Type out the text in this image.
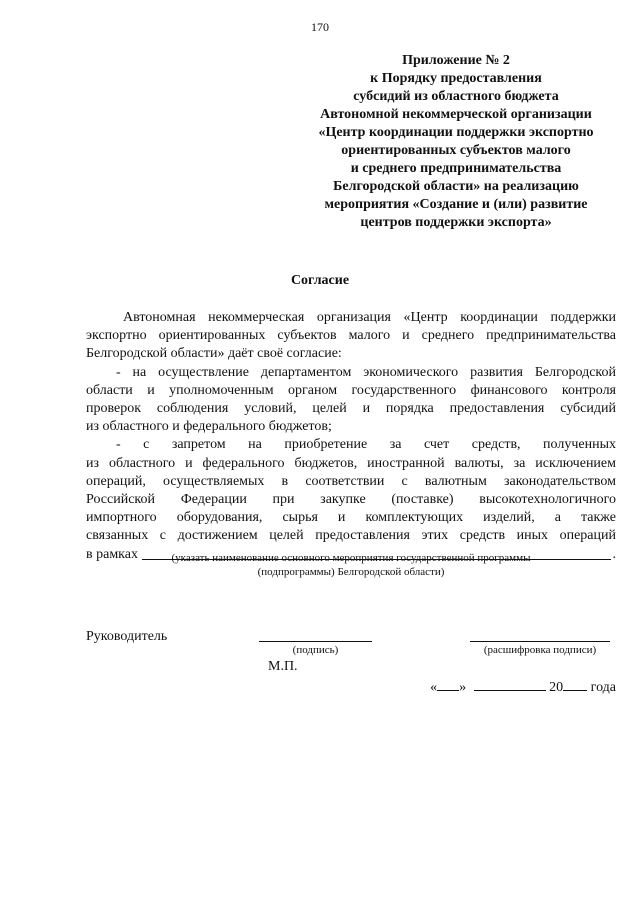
170
Приложение № 2
к Порядку предоставления
субсидий из областного бюджета
Автономной некоммерческой организации
«Центр координации поддержки экспортно
ориентированных субъектов малого
и среднего предпринимательства
Белгородской области» на реализацию
мероприятия «Создание и (или) развитие
центров поддержки экспорта»
Согласие
Автономная некоммерческая организация «Центр координации поддержки
экспортно ориентированных субъектов малого и среднего предпринимательства
Белгородской области» даёт своё согласие:
- на осуществление департаментом экономического развития Белгородской
области и уполномоченным органом государственного финансового контроля
проверок соблюдения условий, целей и порядка предоставления субсидий
из областного и федерального бюджетов;
- с запретом на приобретение за счет средств, полученных
из областного и федерального бюджетов, иностранной валюты, за исключением
операций, осуществляемых в соответствии с валютным законодательством
Российской Федерации при закупке (поставке) высокотехнологичного
импортного оборудования, сырья и комплектующих изделий, а также
связанных с достижением целей предоставления этих средств иных операций
в рамках	.
(указать наименование основного мероприятия государственной программы
(подпрограммы) Белгородской области)
Руководитель
(подпись)	(расшифровка подписи)
М.П.
« »	20 года
